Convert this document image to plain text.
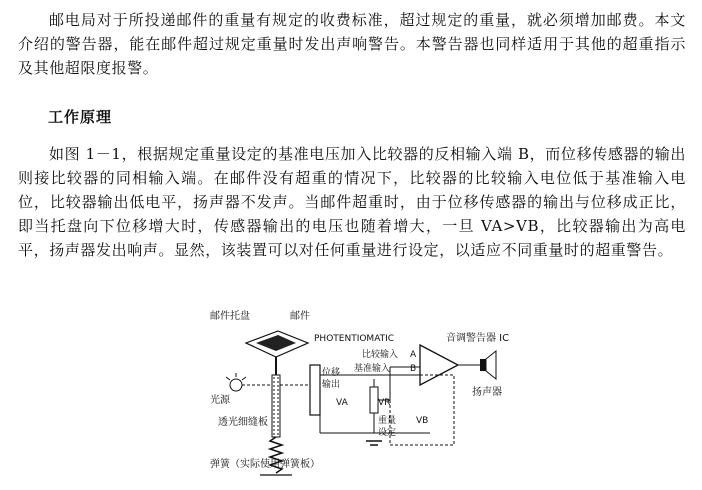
邮电局对于所投递邮件的重量有规定的收费标准，超过规定的重量，就必须增加邮费。本文介绍的警告器，能在邮件超过规定重量时发出声响警告。本警告器也同样适用于其他的超重指示及其他超限度报警。

工作原理

如图 1－1，根据规定重量设定的基准电压加入比较器的反相输入端 B，而位移传感器的输出则接比较器的同相输入端。在邮件没有超重的情况下，比较器的比较输入电位低于基准输入电位，比较器输出低电平，扬声器不发声。当邮件超重时，由于位移传感器的输出与位移成正比，即当托盘向下位移增大时，传感器输出的电压也随着增大，一旦 VA>VB，比较器输出为高电平，扬声器发出响声。显然，该装置可以对任何重量进行设定，以适应不同重量时的超重警告。

邮件托盘	邮件
PHOTENTIOMATIC	音调警告器 IC
比较输入 A
基准输入 B
位移
输出
扬声器
光源	VA	VR
重量 VB
透光细缝板
设定
弹簧（实际使用弹簧板）
